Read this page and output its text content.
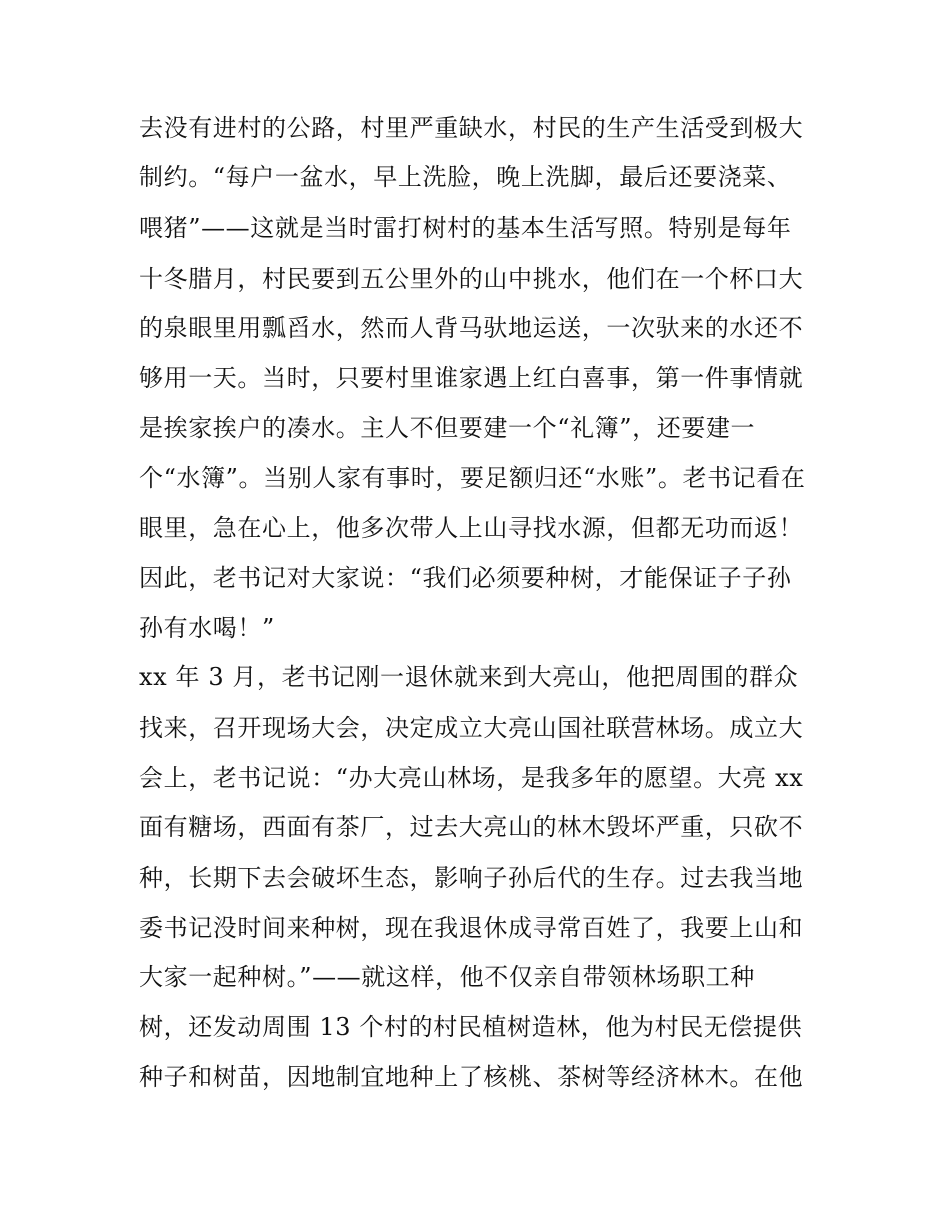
去没有进村的公路，村里严重缺水，村民的生产生活受到极大
制约。“每户一盆水，早上洗脸，晚上洗脚，最后还要浇菜、
喂猪”——这就是当时雷打树村的基本生活写照。特别是每年
十冬腊月，村民要到五公里外的山中挑水，他们在一个杯口大
的泉眼里用瓢舀水，然而人背马驮地运送，一次驮来的水还不
够用一天。当时，只要村里谁家遇上红白喜事，第一件事情就
是挨家挨户的凑水。主人不但要建一个“礼簿”，还要建一
个“水簿”。当别人家有事时，要足额归还“水账”。老书记看在
眼里，急在心上，他多次带人上山寻找水源，但都无功而返！
因此，老书记对大家说：“我们必须要种树，才能保证子子孙
孙有水喝！”
xx 年 3 月，老书记刚一退休就来到大亮山，他把周围的群众
找来，召开现场大会，决定成立大亮山国社联营林场。成立大
会上，老书记说：“办大亮山林场，是我多年的愿望。大亮 xx
面有糖场，西面有茶厂，过去大亮山的林木毁坏严重，只砍不
种，长期下去会破坏生态，影响子孙后代的生存。过去我当地
委书记没时间来种树，现在我退休成寻常百姓了，我要上山和
大家一起种树。”——就这样，他不仅亲自带领林场职工种
树，还发动周围 13 个村的村民植树造林，他为村民无偿提供
种子和树苗，因地制宜地种上了核桃、茶树等经济林木。在他
